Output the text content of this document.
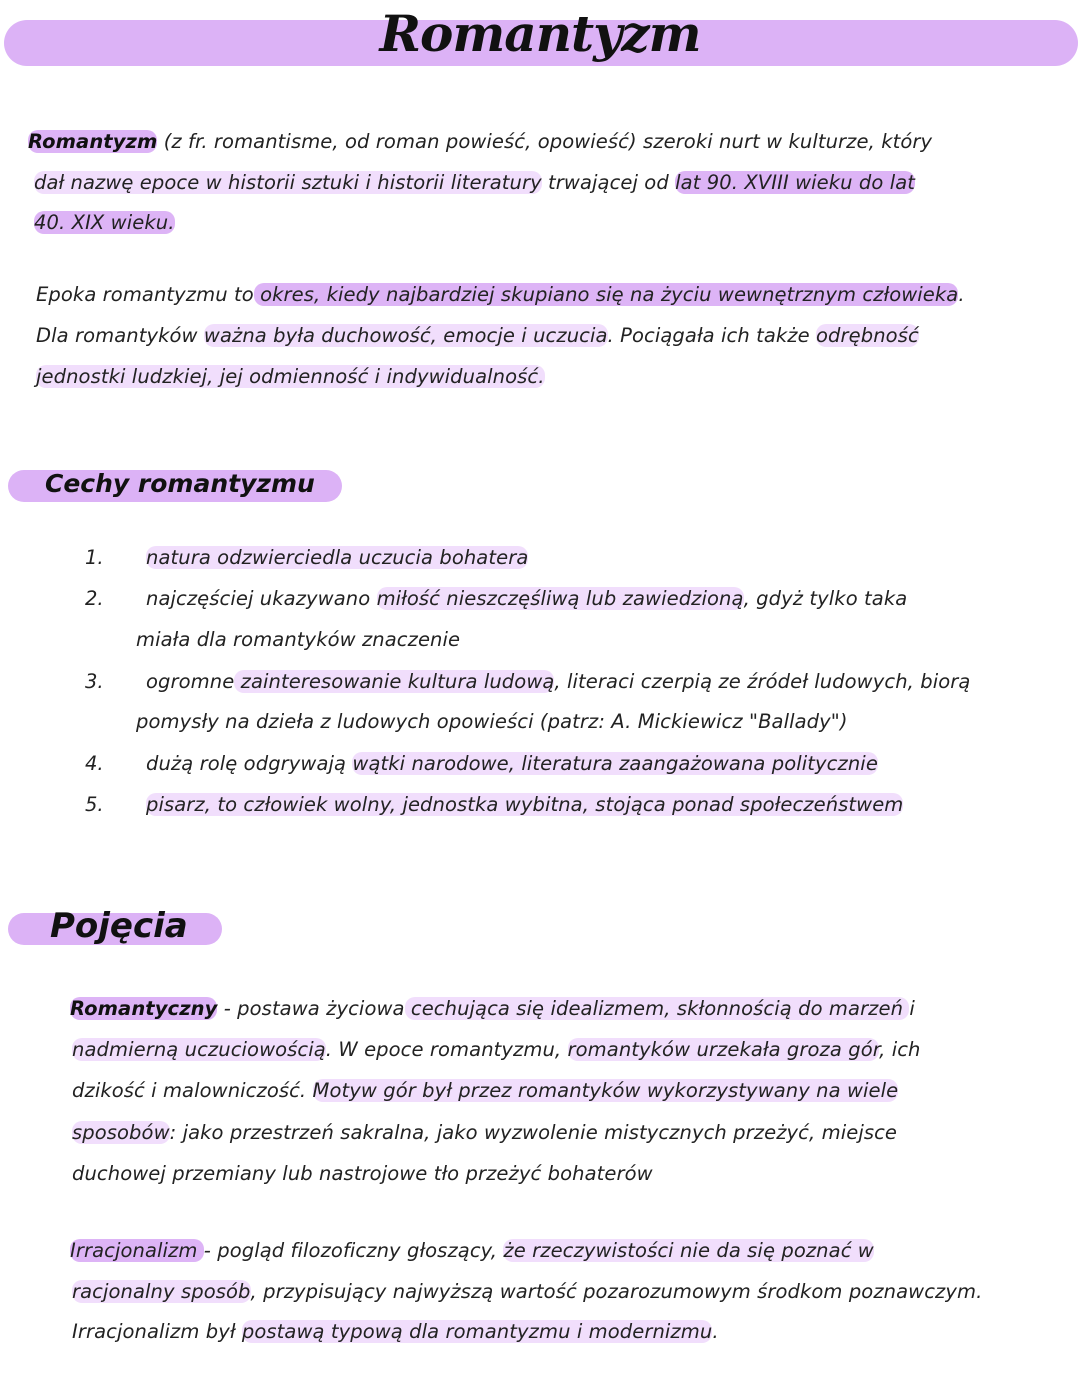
Romantyzm
Cechy romantyzmu
Pojęcia
Romantyzm (z fr. romantisme, od roman powieść, opowieść) szeroki nurt w kulturze, który
dał nazwę epoce w historii sztuki i historii literatury trwającej od lat 90. XVIII wieku do lat
40. XIX wieku.
Epoka romantyzmu to okres, kiedy najbardziej skupiano się na życiu wewnętrznym człowieka.
Dla romantyków ważna była duchowość, emocje i uczucia. Pociągała ich także odrębność
jednostki ludzkiej, jej odmienność i indywidualność.
1. natura odzwierciedla uczucia bohatera
2. najczęściej ukazywano miłość nieszczęśliwą lub zawiedzioną, gdyż tylko taka
miała dla romantyków znaczenie
3. ogromne zainteresowanie kultura ludową, literaci czerpią ze źródeł ludowych, biorą
pomysły na dzieła z ludowych opowieści (patrz: A. Mickiewicz "Ballady")
4. dużą rolę odgrywają wątki narodowe, literatura zaangażowana politycznie
5. pisarz, to człowiek wolny, jednostka wybitna, stojąca ponad społeczeństwem
Romantyczny - postawa życiowa cechująca się idealizmem, skłonnością do marzeń i
nadmierną uczuciowością. W epoce romantyzmu, romantyków urzekała groza gór, ich
dzikość i malowniczość. Motyw gór był przez romantyków wykorzystywany na wiele
sposobów: jako przestrzeń sakralna, jako wyzwolenie mistycznych przeżyć, miejsce
duchowej przemiany lub nastrojowe tło przeżyć bohaterów
Irracjonalizm - pogląd filozoficzny głoszący, że rzeczywistości nie da się poznać w
racjonalny sposób, przypisujący najwyższą wartość pozarozumowym środkom poznawczym.
Irracjonalizm był postawą typową dla romantyzmu i modernizmu.
